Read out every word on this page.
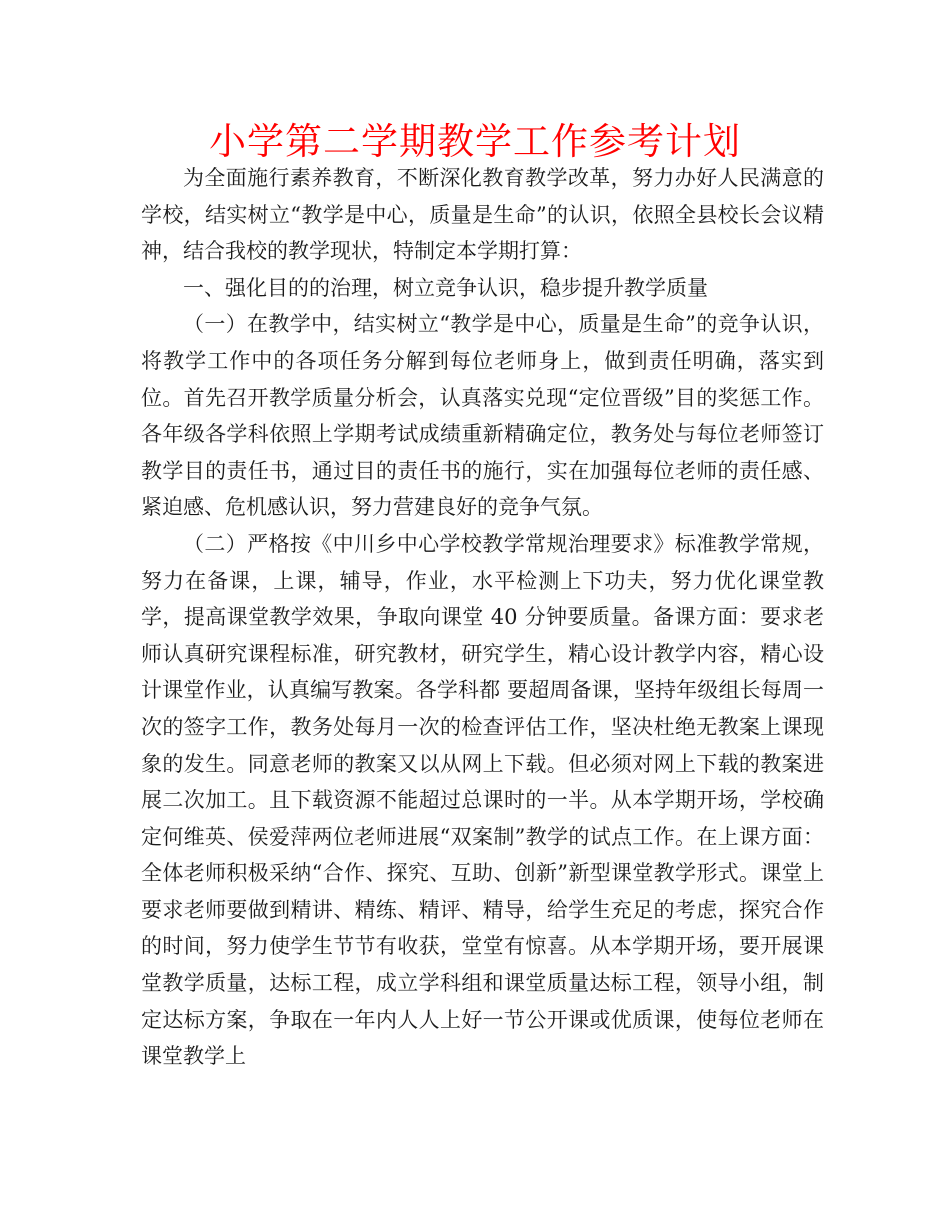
小学第二学期教学工作参考计划

为全面施行素养教育，不断深化教育教学改革，努力办好人民满意的学校，结实树立“教学是中心，质量是生命”的认识，依照全县校长会议精神，结合我校的教学现状，特制定本学期打算：

一、强化目的的治理，树立竞争认识，稳步提升教学质量

（一）在教学中，结实树立“教学是中心，质量是生命”的竞争认识，将教学工作中的各项任务分解到每位老师身上，做到责任明确，落实到位。首先召开教学质量分析会，认真落实兑现“定位晋级”目的奖惩工作。各年级各学科依照上学期考试成绩重新精确定位，教务处与每位老师签订教学目的责任书，通过目的责任书的施行，实在加强每位老师的责任感、紧迫感、危机感认识，努力营建良好的竞争气氛。

（二）严格按《中川乡中心学校教学常规治理要求》标准教学常规，努力在备课，上课，辅导，作业，水平检测上下功夫，努力优化课堂教学，提高课堂教学效果，争取向课堂 40 分钟要质量。备课方面：要求老师认真研究课程标准，研究教材，研究学生，精心设计教学内容，精心设计课堂作业，认真编写教案。各学科都 要超周备课，坚持年级组长每周一次的签字工作，教务处每月一次的检查评估工作，坚决杜绝无教案上课现象的发生。同意老师的教案又以从网上下载。但必须对网上下载的教案进展二次加工。且下载资源不能超过总课时的一半。从本学期开场，学校确定何维英、侯爱萍两位老师进展“双案制”教学的试点工作。在上课方面：全体老师积极采纳“合作、探究、互助、创新”新型课堂教学形式。课堂上要求老师要做到精讲、精练、精评、精导，给学生充足的考虑，探究合作的时间，努力使学生节节有收获，堂堂有惊喜。从本学期开场，要开展课堂教学质量，达标工程，成立学科组和课堂质量达标工程，领导小组，制定达标方案，争取在一年内人人上好一节公开课或优质课，使每位老师在课堂教学上
